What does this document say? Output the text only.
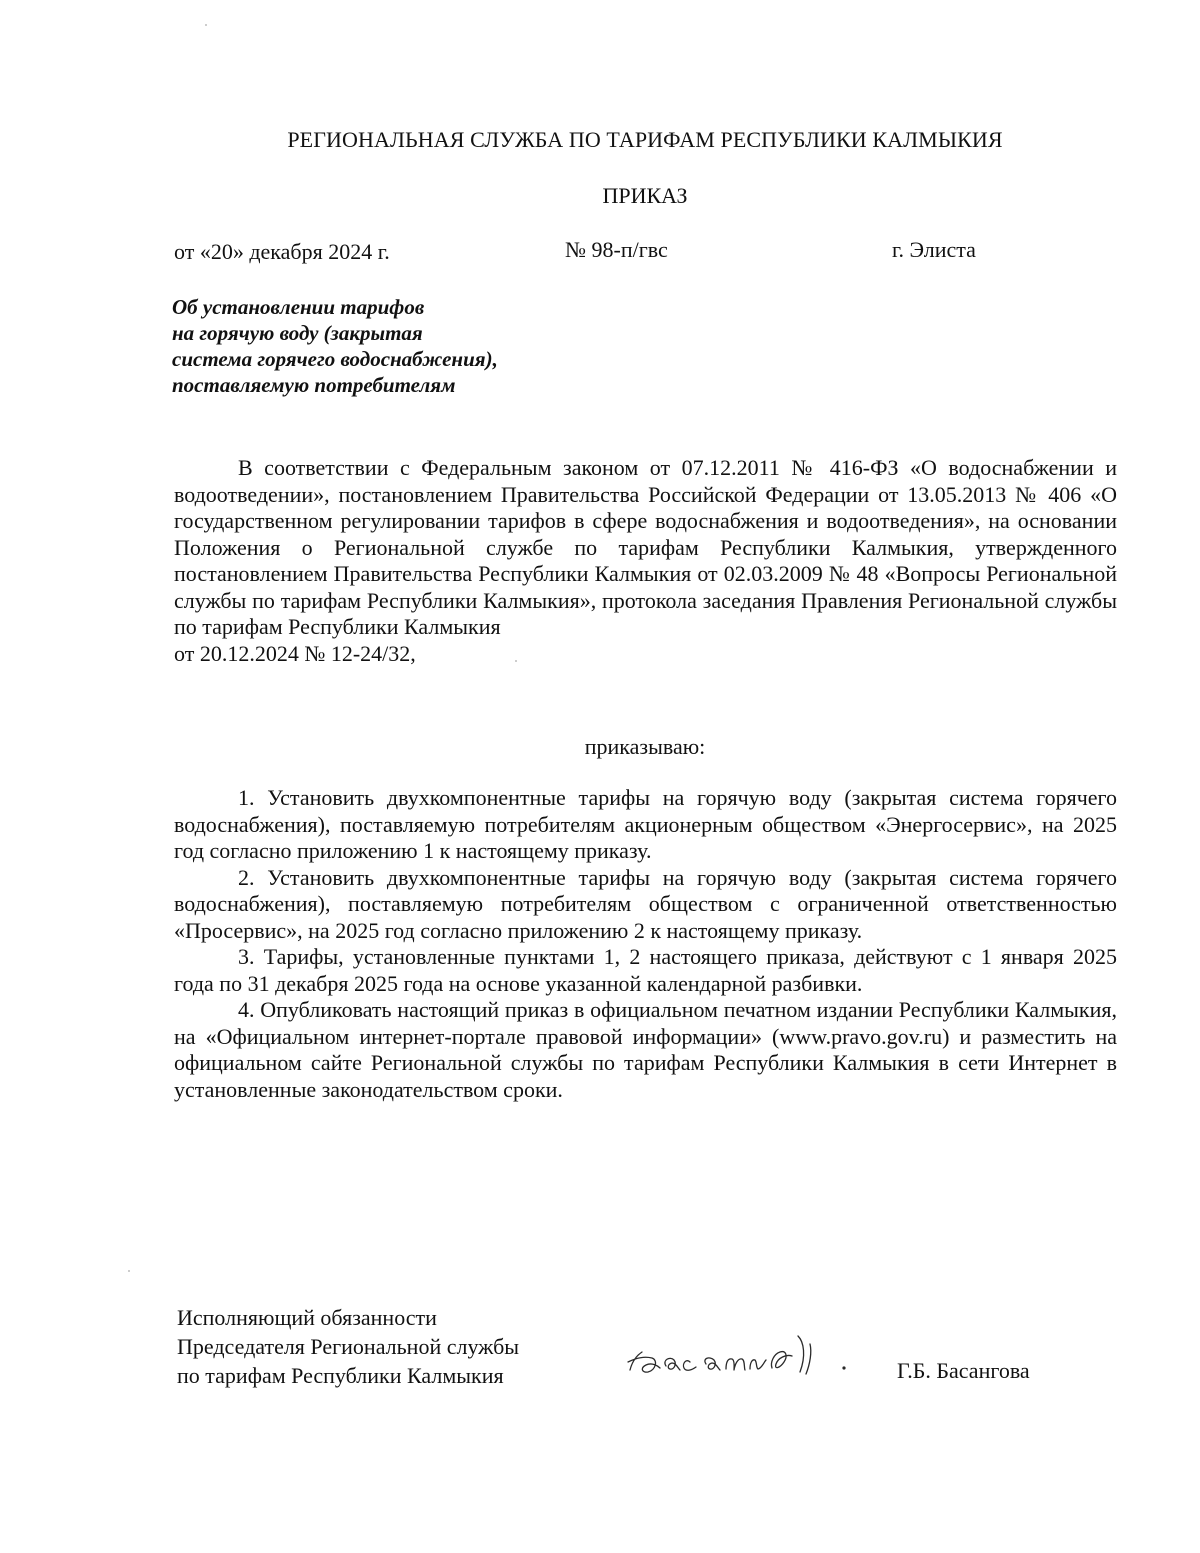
РЕГИОНАЛЬНАЯ СЛУЖБА ПО ТАРИФАМ РЕСПУБЛИКИ КАЛМЫКИЯ
ПРИКАЗ
от «20» декабря 2024 г.	№ 98-п/гвс	г. Элиста
Об установлении тарифов
на горячую воду (закрытая
система горячего водоснабжения),
поставляемую потребителям

В соответствии с Федеральным законом от 07.12.2011 № 416-ФЗ «О водоснабжении и водоотведении», постановлением Правительства Российской Федерации от 13.05.2013 № 406 «О государственном регулировании тарифов в сфере водоснабжения и водоотведения», на основании Положения о Региональной службе по тарифам Республики Калмыкия, утвержденного постановлением Правительства Республики Калмыкия от 02.03.2009 № 48 «Вопросы Региональной службы по тарифам Республики Калмыкия», протокола заседания Правления Региональной службы по тарифам Республики Калмыкия

от 20.12.2024 № 12-24/32,

приказываю:

1. Установить двухкомпонентные тарифы на горячую воду (закрытая система горячего водоснабжения), поставляемую потребителям акционерным обществом «Энергосервис», на 2025 год согласно приложению 1 к настоящему приказу.

2. Установить двухкомпонентные тарифы на горячую воду (закрытая система горячего водоснабжения), поставляемую потребителям обществом с ограниченной ответственностью «Просервис», на 2025 год согласно приложению 2 к настоящему приказу.

3. Тарифы, установленные пунктами 1, 2 настоящего приказа, действуют с 1 января 2025 года по 31 декабря 2025 года на основе указанной календарной разбивки.

4. Опубликовать настоящий приказ в официальном печатном издании Республики Калмыкия, на «Официальном интернет-портале правовой информации» (www.pravo.gov.ru) и разместить на официальном сайте Региональной службы по тарифам Республики Калмыкия в сети Интернет в установленные законодательством сроки.

Исполняющий обязанности
Председателя Региональной службы
по тарифам Республики Калмыкия	Г.Б. Басангова
